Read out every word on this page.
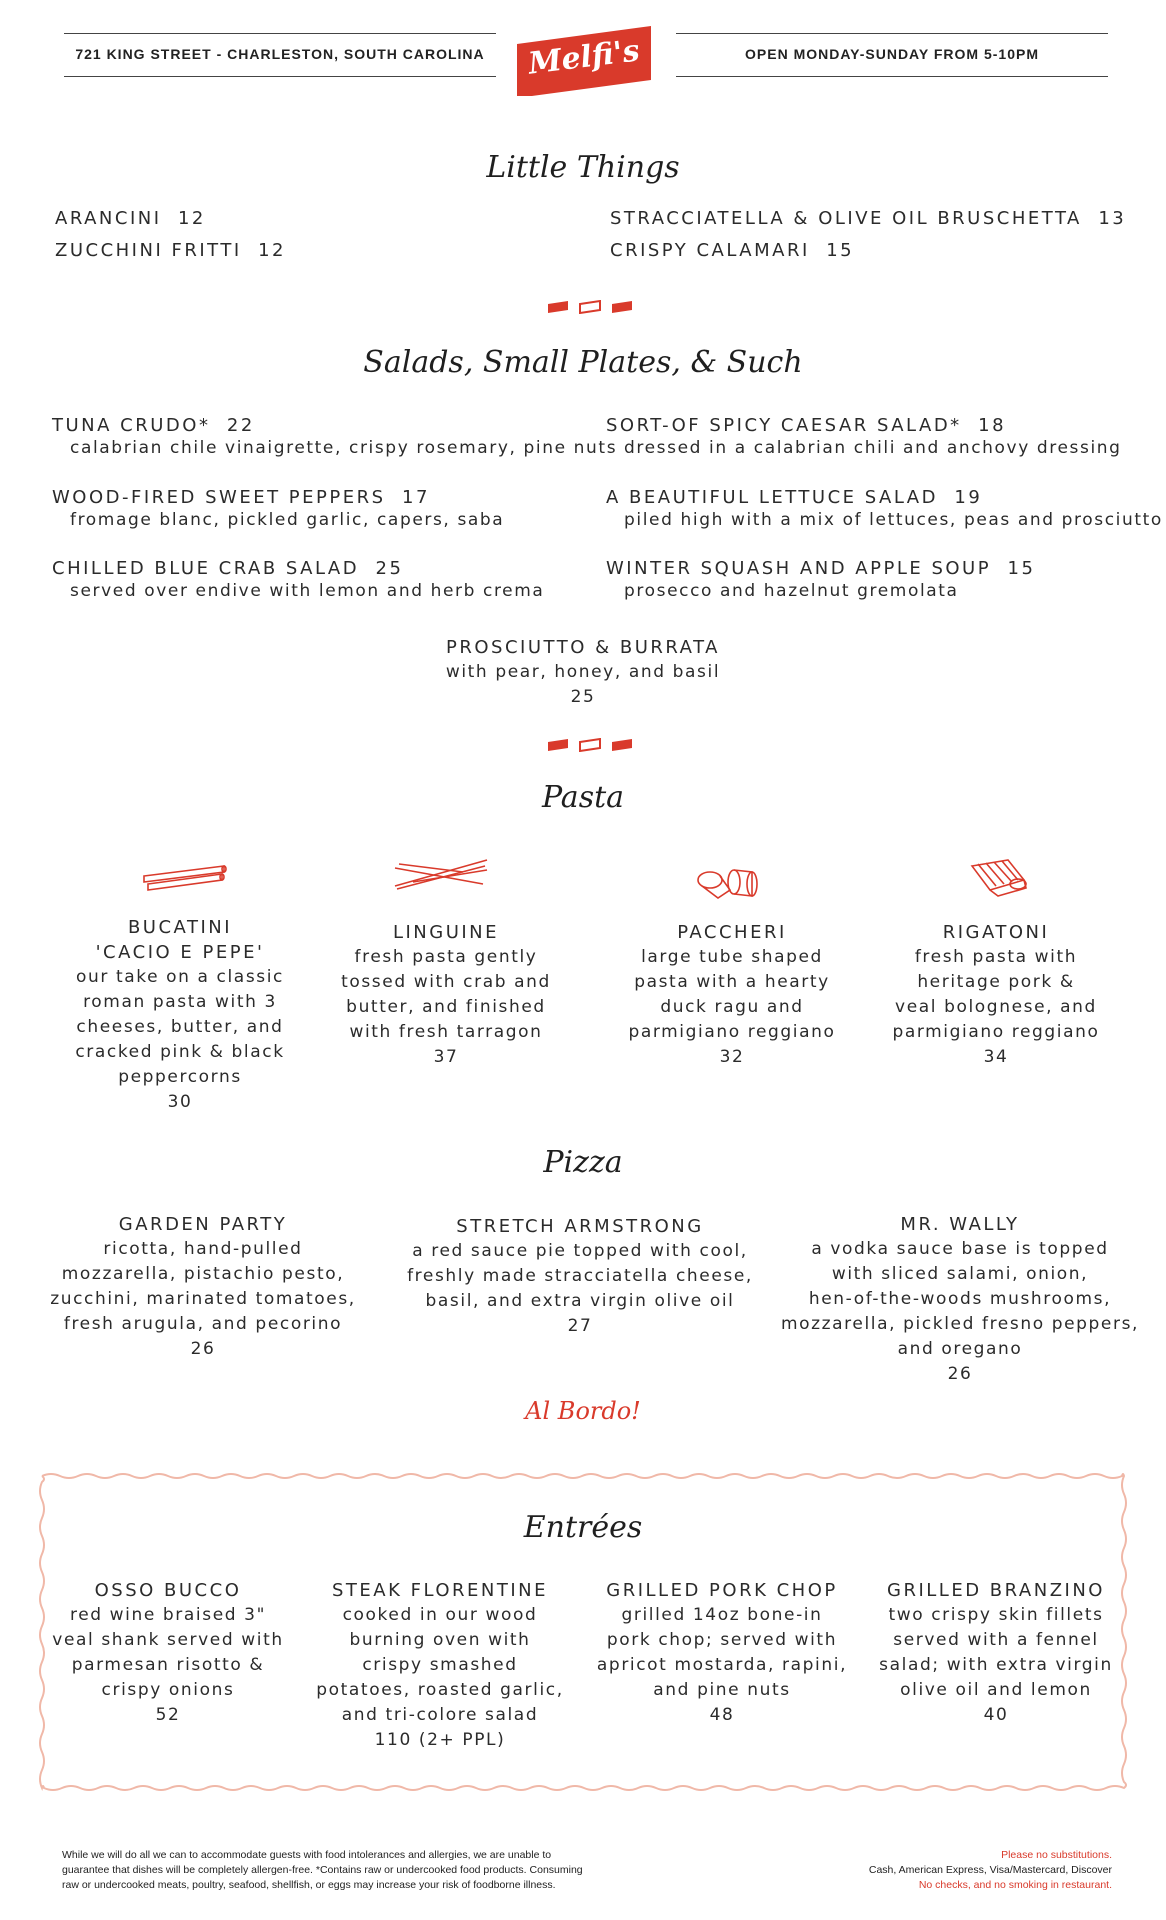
721 KING STREET - CHARLESTON, SOUTH CAROLINA	OPEN MONDAY-SUNDAY FROM 5-10PM
Melfi's
Little Things
ARANCINI 12
ZUCCHINI FRITTI 12
STRACCIATELLA & OLIVE OIL BRUSCHETTA 13
CRISPY CALAMARI 15
Salads, Small Plates, & Such
TUNA CRUDO* 22
calabrian chile vinaigrette, crispy rosemary, pine nuts
WOOD-FIRED SWEET PEPPERS 17
fromage blanc, pickled garlic, capers, saba
CHILLED BLUE CRAB SALAD 25
served over endive with lemon and herb crema
SORT-OF SPICY CAESAR SALAD* 18
dressed in a calabrian chili and anchovy dressing
A BEAUTIFUL LETTUCE SALAD 19
piled high with a mix of lettuces, peas and prosciutto
WINTER SQUASH AND APPLE SOUP 15
prosecco and hazelnut gremolata
PROSCIUTTO & BURRATA
with pear, honey, and basil
25
Pasta
BUCATINI
'CACIO E PEPE'
our take on a classic
roman pasta with 3
cheeses, butter, and
cracked pink & black
peppercorns
30
LINGUINE
fresh pasta gently
tossed with crab and
butter, and finished
with fresh tarragon
37
PACCHERI
large tube shaped
pasta with a hearty
duck ragu and
parmigiano reggiano
32
RIGATONI
fresh pasta with
heritage pork &
veal bolognese, and
parmigiano reggiano
34
Pizza
GARDEN PARTY
ricotta, hand-pulled
mozzarella, pistachio pesto,
zucchini, marinated tomatoes,
fresh arugula, and pecorino
26
STRETCH ARMSTRONG
a red sauce pie topped with cool,
freshly made stracciatella cheese,
basil, and extra virgin olive oil
27
MR. WALLY
a vodka sauce base is topped
with sliced salami, onion,
hen-of-the-woods mushrooms,
mozzarella, pickled fresno peppers,
and oregano
26
Al Bordo!
Entrées
OSSO BUCCO
red wine braised 3"
veal shank served with
parmesan risotto &
crispy onions
52
STEAK FLORENTINE
cooked in our wood
burning oven with
crispy smashed
potatoes, roasted garlic,
and tri-colore salad
110 (2+ PPL)
GRILLED PORK CHOP
grilled 14oz bone-in
pork chop; served with
apricot mostarda, rapini,
and pine nuts
48
GRILLED BRANZINO
two crispy skin fillets
served with a fennel
salad; with extra virgin
olive oil and lemon
40
While we will do all we can to accommodate guests with food intolerances and allergies, we are unable to
guarantee that dishes will be completely allergen-free. *Contains raw or undercooked food products. Consuming
raw or undercooked meats, poultry, seafood, shellfish, or eggs may increase your risk of foodborne illness.
Please no substitutions.
Cash, American Express, Visa/Mastercard, Discover
No checks, and no smoking in restaurant.
